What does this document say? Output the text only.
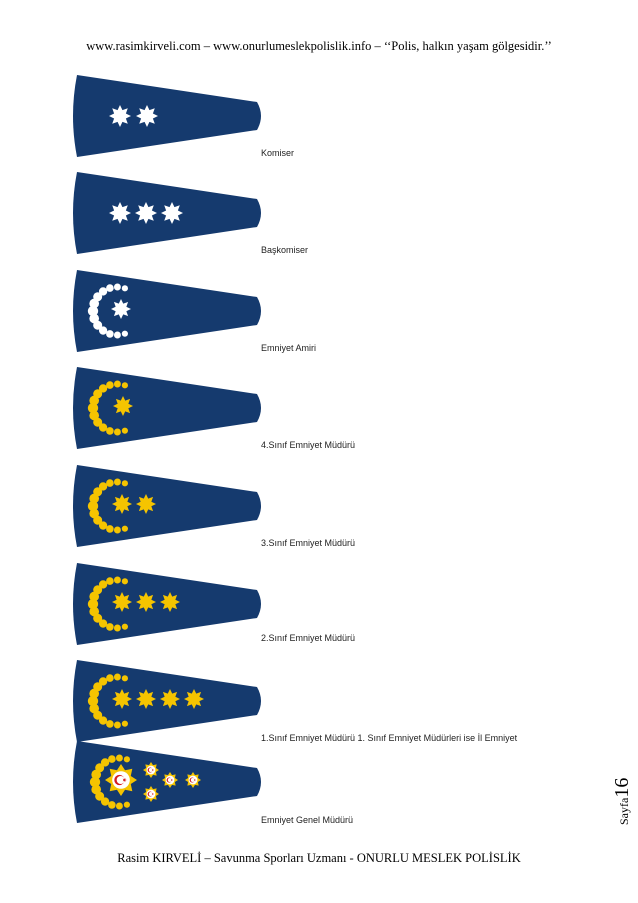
www.rasimkirveli.com – www.onurlumeslekpolislik.info – ‘‘Polis, halkın yaşam gölgesidir.’’
Komiser
Başkomiser
Emniyet Amiri
4.Sınıf Emniyet Müdürü
3.Sınıf Emniyet Müdürü
2.Sınıf Emniyet Müdürü
1.Sınıf Emniyet Müdürü 1. Sınıf Emniyet Müdürleri ise İl Emniyet
Emniyet Genel Müdürü	Sayfa16
Rasim KIRVELİ – Savunma Sporları Uzmanı - ONURLU MESLEK POLİSLİK
